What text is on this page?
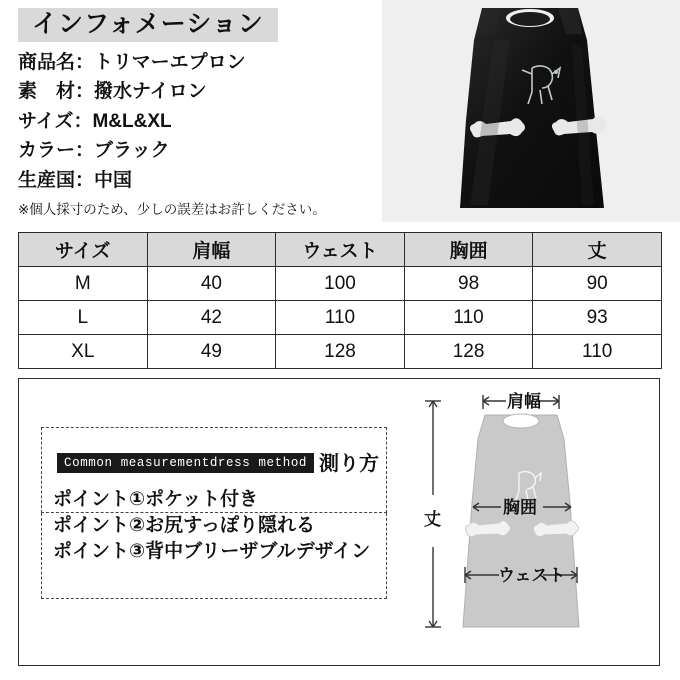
インフォメーション
商品名：トリマーエプロン
素　材：撥水ナイロン
サイズ：M&L&XL
カラー：ブラック
生産国：中国
※個人採寸のため、少しの誤差はお許しください。
サイズ	肩幅	ウェスト	胸囲	丈
M	40	100	98	90
L	42	110	110	93
XL	49	128	128	110
Common measurementdress method 測り方
ポイント①ポケット付き
ポイント②お尻すっぽり隠れる
ポイント③背中ブリーザブルデザイン
肩幅
胸囲
ウェスト
丈
